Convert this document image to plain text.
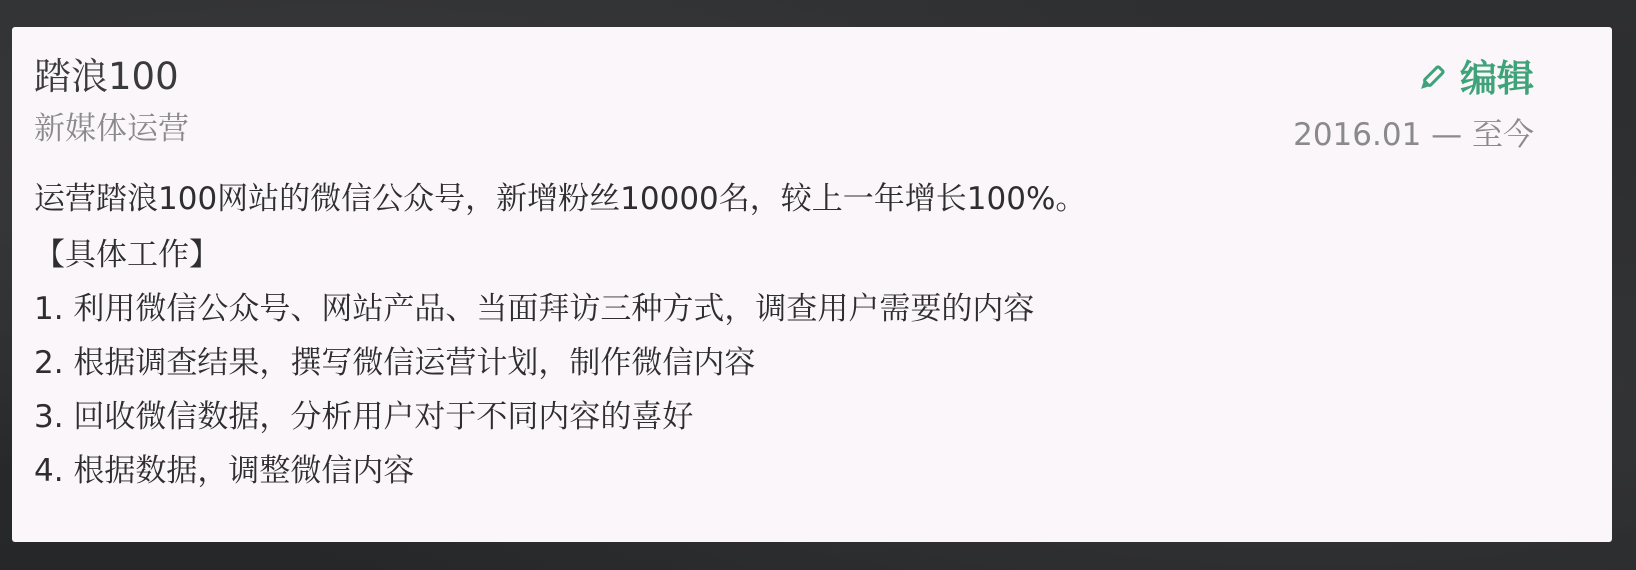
踏浪100
新媒体运营
编辑
2016.01 — 至今
运营踏浪100网站的微信公众号，新增粉丝10000名，较上一年增长100%。
【具体工作】
1. 利用微信公众号、网站产品、当面拜访三种方式，调查用户需要的内容
2. 根据调查结果，撰写微信运营计划，制作微信内容
3. 回收微信数据，分析用户对于不同内容的喜好
4. 根据数据，调整微信内容
